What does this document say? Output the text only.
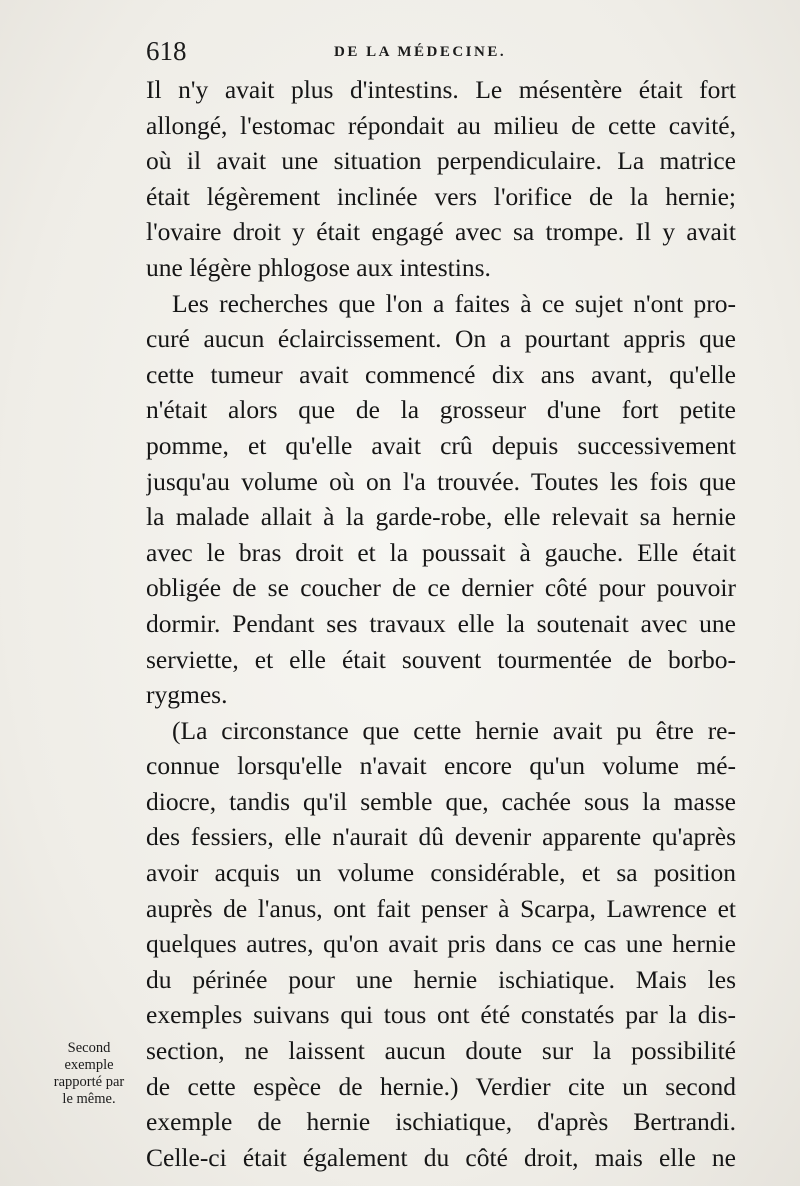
618	DE LA MÉDECINE.
Il n'y avait plus d'intestins. Le mésentère était fort
allongé, l'estomac répondait au milieu de cette cavité,
où il avait une situation perpendiculaire. La matrice
était légèrement inclinée vers l'orifice de la hernie;
l'ovaire droit y était engagé avec sa trompe. Il y avait
une légère phlogose aux intestins.
Les recherches que l'on a faites à ce sujet n'ont pro-
curé aucun éclaircissement. On a pourtant appris que
cette tumeur avait commencé dix ans avant, qu'elle
n'était alors que de la grosseur d'une fort petite
pomme, et qu'elle avait crû depuis successivement
jusqu'au volume où on l'a trouvée. Toutes les fois que
la malade allait à la garde-robe, elle relevait sa hernie
avec le bras droit et la poussait à gauche. Elle était
obligée de se coucher de ce dernier côté pour pouvoir
dormir. Pendant ses travaux elle la soutenait avec une
serviette, et elle était souvent tourmentée de borbo-
rygmes.
(La circonstance que cette hernie avait pu être re-
connue lorsqu'elle n'avait encore qu'un volume mé-
diocre, tandis qu'il semble que, cachée sous la masse
des fessiers, elle n'aurait dû devenir apparente qu'après
avoir acquis un volume considérable, et sa position
auprès de l'anus, ont fait penser à Scarpa, Lawrence et
quelques autres, qu'on avait pris dans ce cas une hernie
du périnée pour une hernie ischiatique. Mais les
exemples suivans qui tous ont été constatés par la dis-
section, ne laissent aucun doute sur la possibilité
de cette espèce de hernie.) Verdier cite un second
exemple de hernie ischiatique, d'après Bertrandi.
Celle-ci était également du côté droit, mais elle ne
Second
exemple
rapporté par
le même.
